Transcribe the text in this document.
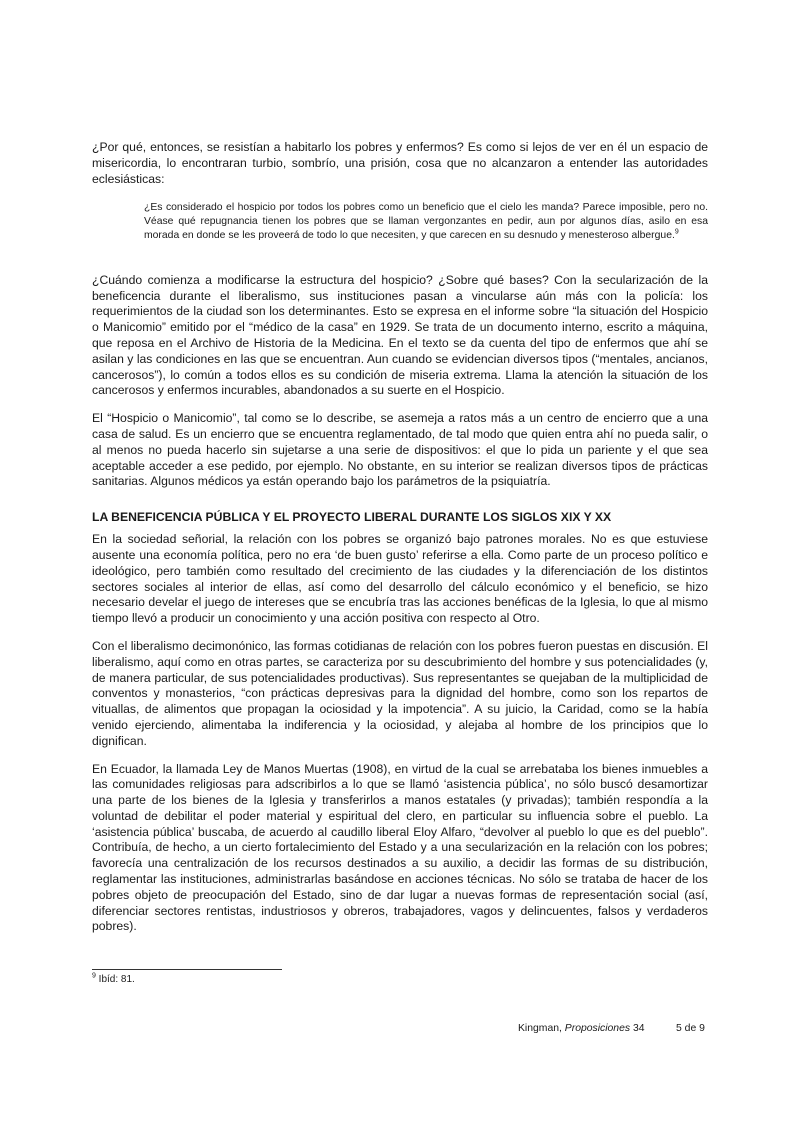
¿Por qué, entonces, se resistían a habitarlo los pobres y enfermos? Es como si lejos de ver en él un espacio de misericordia, lo encontraran turbio, sombrío, una prisión, cosa que no alcanzaron a entender las autoridades eclesiásticas:

¿Es considerado el hospicio por todos los pobres como un beneficio que el cielo les manda? Parece imposible, pero no. Véase qué repugnancia tienen los pobres que se llaman vergonzantes en pedir, aun por algunos días, asilo en esa morada en donde se les proveerá de todo lo que necesiten, y que carecen en su desnudo y menesteroso albergue.$^9$

¿Cuándo comienza a modificarse la estructura del hospicio? ¿Sobre qué bases? Con la secularización de la beneficencia durante el liberalismo, sus instituciones pasan a vincularse aún más con la policía: los requerimientos de la ciudad son los determinantes. Esto se expresa en el informe sobre “la situación del Hospicio o Manicomio” emitido por el “médico de la casa” en 1929. Se trata de un documento interno, escrito a máquina, que reposa en el Archivo de Historia de la Medicina. En el texto se da cuenta del tipo de enfermos que ahí se asilan y las condiciones en las que se encuentran. Aun cuando se evidencian diversos tipos (“mentales, ancianos, cancerosos”), lo común a todos ellos es su condición de miseria extrema. Llama la atención la situación de los cancerosos y enfermos incurables, abandonados a su suerte en el Hospicio.

El “Hospicio o Manicomio”, tal como se lo describe, se asemeja a ratos más a un centro de encierro que a una casa de salud. Es un encierro que se encuentra reglamentado, de tal modo que quien entra ahí no pueda salir, o al menos no pueda hacerlo sin sujetarse a una serie de dispositivos: el que lo pida un pariente y el que sea aceptable acceder a ese pedido, por ejemplo. No obstante, en su interior se realizan diversos tipos de prácticas sanitarias. Algunos médicos ya están operando bajo los parámetros de la psiquiatría.

LA BENEFICENCIA PÚBLICA Y EL PROYECTO LIBERAL DURANTE LOS SIGLOS XIX Y XX

En la sociedad señorial, la relación con los pobres se organizó bajo patrones morales. No es que estuviese ausente una economía política, pero no era ‘de buen gusto’ referirse a ella. Como parte de un proceso político e ideológico, pero también como resultado del crecimiento de las ciudades y la diferenciación de los distintos sectores sociales al interior de ellas, así como del desarrollo del cálculo económico y el beneficio, se hizo necesario develar el juego de intereses que se encubría tras las acciones benéficas de la Iglesia, lo que al mismo tiempo llevó a producir un conocimiento y una acción positiva con respecto al Otro.

Con el liberalismo decimonónico, las formas cotidianas de relación con los pobres fueron puestas en discusión. El liberalismo, aquí como en otras partes, se caracteriza por su descubrimiento del hombre y sus potencialidades (y, de manera particular, de sus potencialidades productivas). Sus representantes se quejaban de la multiplicidad de conventos y monasterios, “con prácticas depresivas para la dignidad del hombre, como son los repartos de vituallas, de alimentos que propagan la ociosidad y la impotencia”. A su juicio, la Caridad, como se la había venido ejerciendo, alimentaba la indiferencia y la ociosidad, y alejaba al hombre de los principios que lo dignifican.

En Ecuador, la llamada Ley de Manos Muertas (1908), en virtud de la cual se arrebataba los bienes inmuebles a las comunidades religiosas para adscribirlos a lo que se llamó ‘asistencia pública’, no sólo buscó desamortizar una parte de los bienes de la Iglesia y transferirlos a manos estatales (y privadas); también respondía a la voluntad de debilitar el poder material y espiritual del clero, en particular su influencia sobre el pueblo. La ‘asistencia pública’ buscaba, de acuerdo al caudillo liberal Eloy Alfaro, “devolver al pueblo lo que es del pueblo”. Contribuía, de hecho, a un cierto fortalecimiento del Estado y a una secularización en la relación con los pobres; favorecía una centralización de los recursos destinados a su auxilio, a decidir las formas de su distribución, reglamentar las instituciones, administrarlas basándose en acciones técnicas. No sólo se trataba de hacer de los pobres objeto de preocupación del Estado, sino de dar lugar a nuevas formas de representación social (así, diferenciar sectores rentistas, industriosos y obreros, trabajadores, vagos y delincuentes, falsos y verdaderos pobres).

$^9$ Ibíd: 81.
Kingman, Proposiciones 34	5 de 9
